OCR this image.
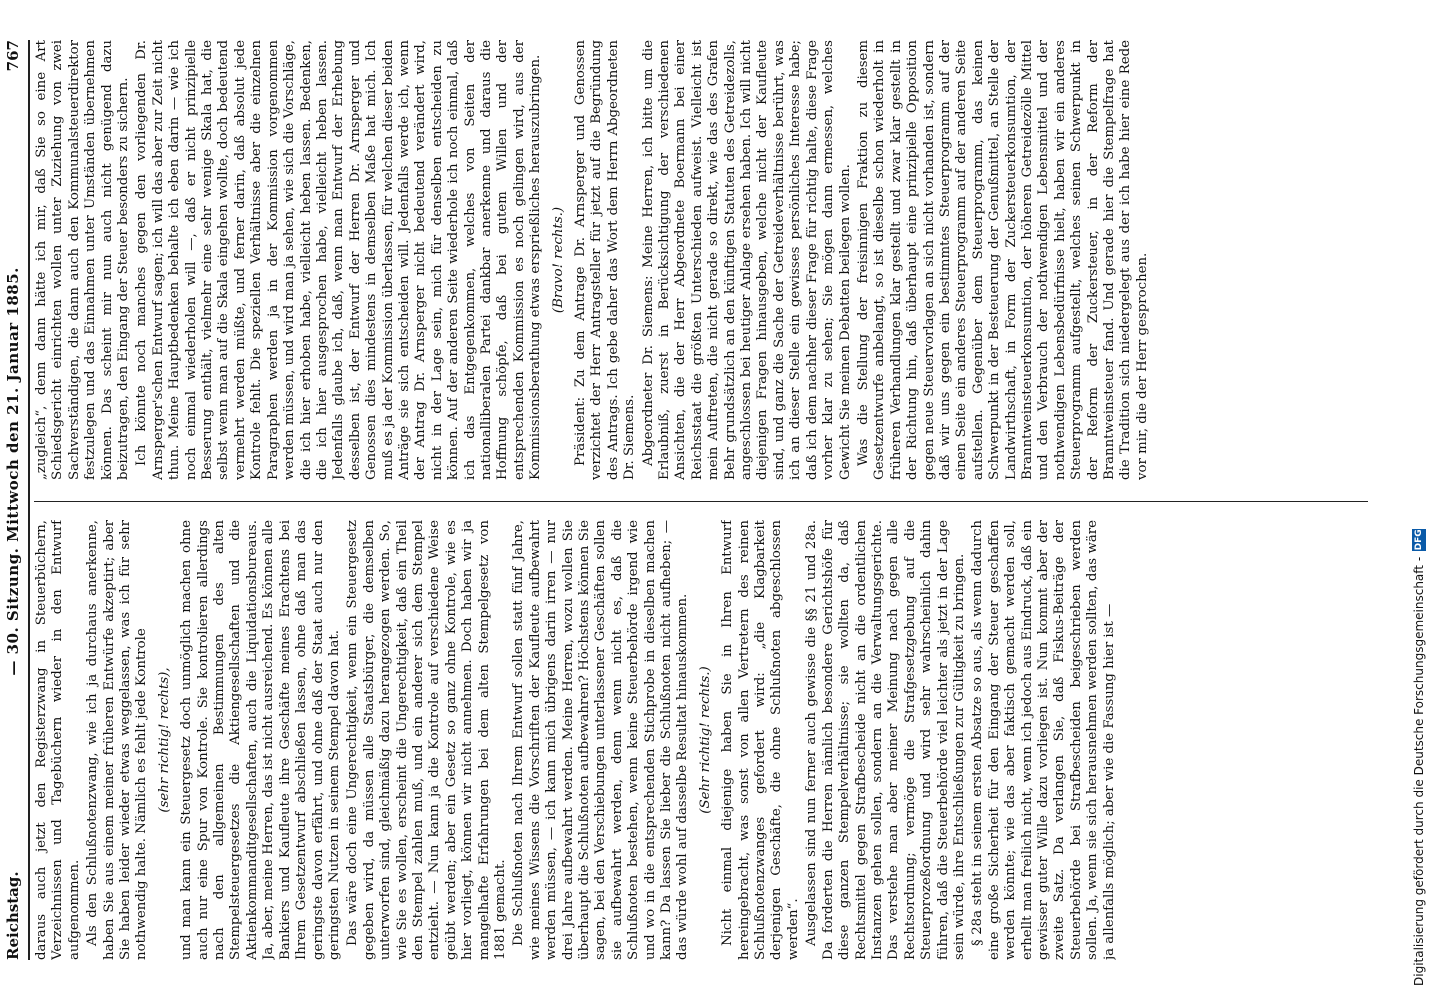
Reichstag.
— 30. Sitzung. Mittwoch den 21. Januar 1885.
767

daraus auch jetzt den Registerzwang in Steuerbüchern, Verzeichnissen und Tagebüchern wieder in den Entwurf aufgenommen. Als den Schlußnotenzwang, wie ich ja durchaus anerkenne, haben Sie aus einem meiner früheren Entwürfe akzeptirt; aber Sie haben leider wieder etwas weggelassen, was ich für sehr nothwendig halte. Nämlich es fehlt jede Kontrole (sehr richtig! rechts), und man kann ein Steuergesetz doch unmöglich machen ohne auch nur eine Spur von Kontrole. Sie kontrolieren allerdings nach den allgemeinen Bestimmungen des alten Stempelsteuergesetzes die Aktiengesellschaften und die Aktienkommanditgesellschaften, auch die Liquidationsbureaus. Ja, aber, meine Herren, das ist nicht ausreichend. Es können alle Bankiers und Kaufleute ihre Geschäfte meines Erachtens bei Ihrem Gesetzentwurf abschließen lassen, ohne daß man das geringste davon erfährt, und ohne daß der Staat auch nur den geringsten Nutzen in seinem Stempel davon hat. Das wäre doch eine Ungerechtigkeit, wenn ein Steuergesetz gegeben wird, da müssen alle Staatsbürger, die demselben unterworfen sind, gleichmäßig dazu herangezogen werden. So, wie Sie es wollen, erscheint die Ungerechtigkeit, daß ein Theil den Stempel zahlen muß, und ein anderer sich dem Stempel entzieht. — Nun kann ja die Kontrole auf verschiedene Weise geübt werden; aber ein Gesetz so ganz ohne Kontrole, wie es hier vorliegt, können wir nicht annehmen. Doch haben wir ja mangelhafte Erfahrungen bei dem alten Stempelgesetz von 1881 gemacht. Die Schlußnoten nach Ihrem Entwurf sollen statt fünf Jahre, wie meines Wissens die Vorschriften der Kaufleute aufbewahrt werden müssen, — ich kann mich übrigens darin irren — nur drei Jahre aufbewahrt werden. Meine Herren, wozu wollen Sie überhaupt die Schlußnoten aufbewahren? Höchstens können Sie sagen, bei den Verschiebungen unterlassener Geschäften sollen sie aufbewahrt werden, denn wenn nicht es, daß die Schlußnoten bestehen, wenn keine Steuerbehörde irgend wie und wo in die entsprechenden Stichprobe in dieselben machen kann? Da lassen Sie lieber die Schlußnoten nicht aufheben; — das würde wohl auf dasselbe Resultat hinauskommen. (Sehr richtig! rechts.) Nicht einmal diejenige haben Sie in Ihren Entwurf hereingebracht, was sonst von allen Vertretern des reinen Schlußnotenzwanges gefordert wird: „die Klagbarkeit derjenigen Geschäfte, die ohne Schlußnoten abgeschlossen werden“. Ausgelassen sind nun ferner auch gewisse die §§ 21 und 28a. Da forderten die Herren nämlich besondere Gerichtshöfe für diese ganzen Stempelverhältnisse; sie wollten da, daß Rechtsmittel gegen Strafbescheide nicht an die ordentlichen Instanzen gehen sollen, sondern an die Verwaltungsgerichte. Das verstehe man aber meiner Meinung nach gegen alle Rechtsordnung; vermöge die Strafgesetzgebung auf die Steuerprozeßordnung und wird sehr wahrscheinlich dahin führen, daß die Steuerbehörde viel leichter als jetzt in der Lage sein würde, ihre Entschließungen zur Gültigkeit zu bringen. § 28a steht in seinem ersten Absatze so aus, als wenn dadurch eine große Sicherheit für den Eingang der Steuer geschaffen werden könnte; wie das aber faktisch gemacht werden soll, erhellt man freilich nicht, wenn ich jedoch aus Eindruck, daß ein gewisser guter Wille dazu vorliegen ist. Nun kommt aber der zweite Satz. Da verlangen Sie, daß Fiskus-Beiträge der Steuerbehörde bei Strafbescheiden beigeschrieben werden sollen. Ja, wenn sie sich herausnehmen werden sollten, das wäre ja allenfalls möglich; aber wie die Fassung hier ist —

„zugleich“, denn dann hätte ich mir, daß Sie so eine Art Schiedsgericht einrichten wollen unter Zuziehung von zwei Sachverständigen, die dann auch den Kommunalsteuerdirektor festzulegen und das Einnahmen unter Umständen übernehmen können. Das scheint mir nun auch nicht genügend dazu beizutragen, den Eingang der Steuer besonders zu sichern. Ich könnte noch manches gegen den vorliegenden Dr. Arnsperger'schen Entwurf sagen; ich will das aber zur Zeit nicht thun. Meine Hauptbedenken behalte ich eben darin — wie ich noch einmal wiederholen will —, daß er nicht prinzipielle Besserung enthält, vielmehr eine sehr wenige Skala hat, die selbst wenn man auf die Skala eingehen wollte, doch bedeutend vermehrt werden müßte, und ferner darin, daß absolut jede Kontrole fehlt. Die speziellen Verhältnisse aber die einzelnen Paragraphen werden ja in der Kommission vorgenommen werden müssen, und wird man ja sehen, wie sich die Vorschläge, die ich hier erhoben habe, vielleicht heben lassen. Bedenken, die ich hier ausgesprochen habe, vielleicht heben lassen. Jedenfalls glaube ich, daß, wenn man Entwurf der Erhebung desselben ist, der Entwurf der Herren Dr. Arnsperger und Genossen dies mindestens in demselben Maße hat mich. Ich muß es ja der Kommission überlassen, für welchen dieser beiden Anträge sie sich entscheiden will. Jedenfalls werde ich, wenn der Antrag Dr. Arnsperger nicht bedeutend verändert wird, nicht in der Lage sein, mich für denselben entscheiden zu können. Auf der anderen Seite wiederhole ich noch einmal, daß ich das Entgegenkommen, welches von Seiten der nationalliberalen Partei dankbar anerkenne und daraus die Hoffnung schöpfe, daß bei gutem Willen und der entsprechenden Kommission es noch gelingen wird, aus der Kommissionsberathung etwas ersprießliches herauszubringen. (Bravo! rechts.) Präsident: Zu dem Antrage Dr. Arnsperger und Genossen verzichtet der Herr Antragsteller für jetzt auf die Begründung des Antrags. Ich gebe daher das Wort dem Herrn Abgeordneten Dr. Siemens. Abgeordneter Dr. Siemens: Meine Herren, ich bitte um die Erlaubniß, zuerst in Berücksichtigung der verschiedenen Ansichten, die der Herr Abgeordnete Boermann bei einer Reichsstaat die größten Unterschieden aufweist. Vielleicht ist mein Auftreten, die nicht gerade so direkt, wie das des Grafen Behr grundsätzlich an den künftigen Statuten des Getreidezolls, angeschlossen bei heutiger Anlage ersehen haben. Ich will nicht diejenigen Fragen hinausgeben, welche nicht der Kaufleute sind, und ganz die Sache der Getreideverhältnisse berührt, was ich an dieser Stelle ein gewisses persönliches Interesse habe; daß ich dem nachher dieser Frage für richtig halte, diese Frage vorher klar zu sehen; Sie mögen dann ermessen, welches Gewicht Sie meinen Debatten beilegen wollen. Was die Stellung der freisinnigen Fraktion zu diesem Gesetzentwurfe anbelangt, so ist dieselbe schon wiederholt in früheren Verhandlungen klar gestellt und zwar klar gestellt in der Richtung hin, daß überhaupt eine prinzipielle Opposition gegen neue Steuervorlagen an sich nicht vorhanden ist, sondern daß wir uns gegen ein bestimmtes Steuerprogramm auf der einen Seite ein anderes Steuerprogramm auf der anderen Seite aufstellen. Gegenüber dem Steuerprogramm, das keinen Schwerpunkt in der Besteuerung der Genußmittel, an Stelle der Landwirthschaft, in Form der Zuckersteuerkonsumtion, der Branntweinsteuerkonsumtion, der höheren Getreidezölle Mittel und den Verbrauch der nothwendigen Lebensmittel und der nothwendigen Lebensbedürfnisse hielt, haben wir ein anderes Steuerprogramm aufgestellt, welches seinen Schwerpunkt in der Reform der Zuckersteuer, in der Reform der Branntweinsteuer fand. Und gerade hier die Stempelfrage hat die Tradition sich niedergelegt aus der ich habe hier eine Rede vor mir, die der Herr gesprochen.

Digitalisierung gefördert durch die Deutsche Forschungsgemeinschaft -
DFG
